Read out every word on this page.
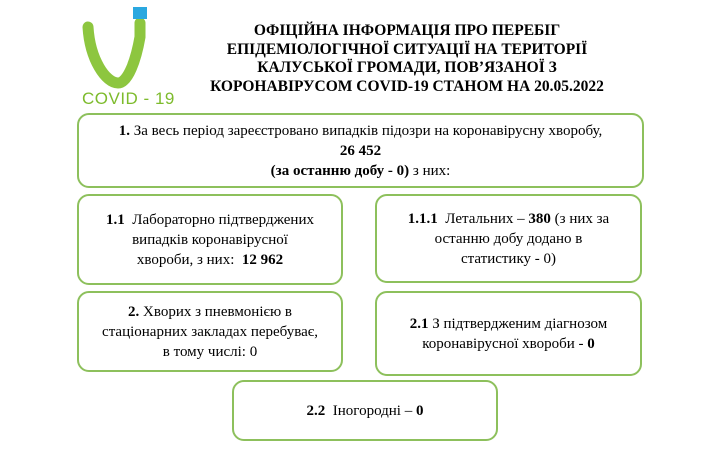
COVID - 19
ОФІЦІЙНА ІНФОРМАЦІЯ ПРО ПЕРЕБІГ
ЕПІДЕМІОЛОГІЧНОЇ СИТУАЦІЇ НА ТЕРИТОРІЇ
КАЛУСЬКОЇ ГРОМАДИ, ПОВ’ЯЗАНОЇ З
КОРОНАВІРУСОМ COVID-19 СТАНОМ НА 20.05.2022
1. За весь період зареєстровано випадків підозри на коронавірусну хворобу,
26 452
(за останню добу - 0) з них:
1.1 Лабораторно підтверджених
випадків коронавірусної
хвороби, з них: 12 962
1.1.1 Летальних – 380 (з них за
останню добу додано в
статистику - 0)
2. Хворих з пневмонією в
стаціонарних закладах перебуває,
в тому числі: 0
2.1 З підтвердженим діагнозом
коронавірусної хвороби - 0
2.2 Іногородні – 0
